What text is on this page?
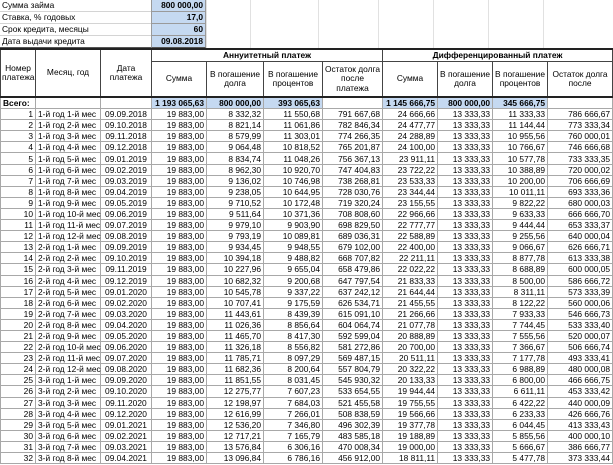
Сумма займа	800 000,00
Ставка, % годовых	17,0
Срок кредита, месяцы	60
Дата выдачи кредита	09.08.2018
Номер платежа	Месяц, год	Дата платежа	Аннуитетный платеж				Дифференцированный платеж			
			Сумма	В погашение долга	В погашение процентов	Остаток долга после платежа	Сумма	В погашение долга	В погашение процентов	Остаток долга после
Всего:			1 193 065,63	800 000,00	393 065,63		1 145 666,75	800 000,00	345 666,75	
1	1-й год 1-й мес	09.09.2018	19 883,00	8 332,32	11 550,68	791 667,68	24 666,66	13 333,33	11 333,33	786 666,67
2	1-й год 2-й мес	09.10.2018	19 883,00	8 821,14	11 061,86	782 846,34	24 477,77	13 333,33	11 144,44	773 333,34
3	1-й год 3-й мес	09.11.2018	19 883,00	8 579,99	11 303,01	774 266,35	24 288,89	13 333,33	10 955,56	760 000,01
4	1-й год 4-й мес	09.12.2018	19 883,00	9 064,48	10 818,52	765 201,87	24 100,00	13 333,33	10 766,67	746 666,68
5	1-й год 5-й мес	09.01.2019	19 883,00	8 834,74	11 048,26	756 367,13	23 911,11	13 333,33	10 577,78	733 333,35
6	1-й год 6-й мес	09.02.2019	19 883,00	8 962,30	10 920,70	747 404,83	23 722,22	13 333,33	10 388,89	720 000,02
7	1-й год 7-й мес	09.03.2019	19 883,00	9 136,02	10 746,98	738 268,81	23 533,33	13 333,33	10 200,00	706 666,69
8	1-й год 8-й мес	09.04.2019	19 883,00	9 238,05	10 644,95	728 030,76	23 344,44	13 333,33	10 011,11	693 333,36
9	1-й год 9-й мес	09.05.2019	19 883,00	9 710,52	10 172,48	719 320,24	23 155,55	13 333,33	9 822,22	680 000,03
10	1-й год 10-й мес	09.06.2019	19 883,00	9 511,64	10 371,36	708 808,60	22 966,66	13 333,33	9 633,33	666 666,70
11	1-й год 11-й мес	09.07.2019	19 883,00	9 979,10	9 903,90	698 829,50	22 777,77	13 333,33	9 444,44	653 333,37
12	1-й год 12-й мес	09.08.2019	19 883,00	9 793,19	10 089,81	689 036,31	22 588,89	13 333,33	9 255,56	640 000,04
13	2-й год 1-й мес	09.09.2019	19 883,00	9 934,45	9 948,55	679 102,00	22 400,00	13 333,33	9 066,67	626 666,71
14	2-й год 2-й мес	09.10.2019	19 883,00	10 394,18	9 488,82	668 707,82	22 211,11	13 333,33	8 877,78	613 333,38
15	2-й год 3-й мес	09.11.2019	19 883,00	10 227,96	9 655,04	658 479,86	22 022,22	13 333,33	8 688,89	600 000,05
16	2-й год 4-й мес	09.12.2019	19 883,00	10 682,32	9 200,68	647 797,54	21 833,33	13 333,33	8 500,00	586 666,72
17	2-й год 5-й мес	09.01.2020	19 883,00	10 545,78	9 337,22	637 242,12	21 644,44	13 333,33	8 311,11	573 333,39
18	2-й год 6-й мес	09.02.2020	19 883,00	10 707,41	9 175,59	626 534,71	21 455,55	13 333,33	8 122,22	560 000,06
19	2-й год 7-й мес	09.03.2020	19 883,00	11 443,61	8 439,39	615 091,10	21 266,66	13 333,33	7 933,33	546 666,73
20	2-й год 8-й мес	09.04.2020	19 883,00	11 026,36	8 856,64	604 064,74	21 077,78	13 333,33	7 744,45	533 333,40
21	2-й год 9-й мес	09.05.2020	19 883,00	11 465,70	8 417,30	592 599,04	20 888,89	13 333,33	7 555,56	520 000,07
22	2-й год 10-й мес	09.06.2020	19 883,00	11 326,18	8 556,82	581 272,86	20 700,00	13 333,33	7 366,67	506 666,74
23	2-й год 11-й мес	09.07.2020	19 883,00	11 785,71	8 097,29	569 487,15	20 511,11	13 333,33	7 177,78	493 333,41
24	2-й год 12-й мес	09.08.2020	19 883,00	11 682,36	8 200,64	557 804,79	20 322,22	13 333,33	6 988,89	480 000,08
25	3-й год 1-й мес	09.09.2020	19 883,00	11 851,55	8 031,45	545 930,32	20 133,33	13 333,33	6 800,00	466 666,75
26	3-й год 2-й мес	09.10.2020	19 883,00	12 275,77	7 607,23	533 654,55	19 944,44	13 333,33	6 611,11	453 333,42
27	3-й год 3-й мес	09.11.2020	19 883,00	12 198,97	7 684,03	521 455,58	19 755,55	13 333,33	6 422,22	440 000,09
28	3-й год 4-й мес	09.12.2020	19 883,00	12 616,99	7 266,01	508 838,59	19 566,66	13 333,33	6 233,33	426 666,76
29	3-й год 5-й мес	09.01.2021	19 883,00	12 536,20	7 346,80	496 302,39	19 377,78	13 333,33	6 044,45	413 333,43
30	3-й год 6-й мес	09.02.2021	19 883,00	12 717,21	7 165,79	483 585,18	19 188,89	13 333,33	5 855,56	400 000,10
31	3-й год 7-й мес	09.03.2021	19 883,00	13 576,84	6 306,16	470 008,34	19 000,00	13 333,33	5 666,67	386 666,77
32	3-й год 8-й мес	09.04.2021	19 883,00	13 096,84	6 786,16	456 912,00	18 811,11	13 333,33	5 477,78	373 333,44
